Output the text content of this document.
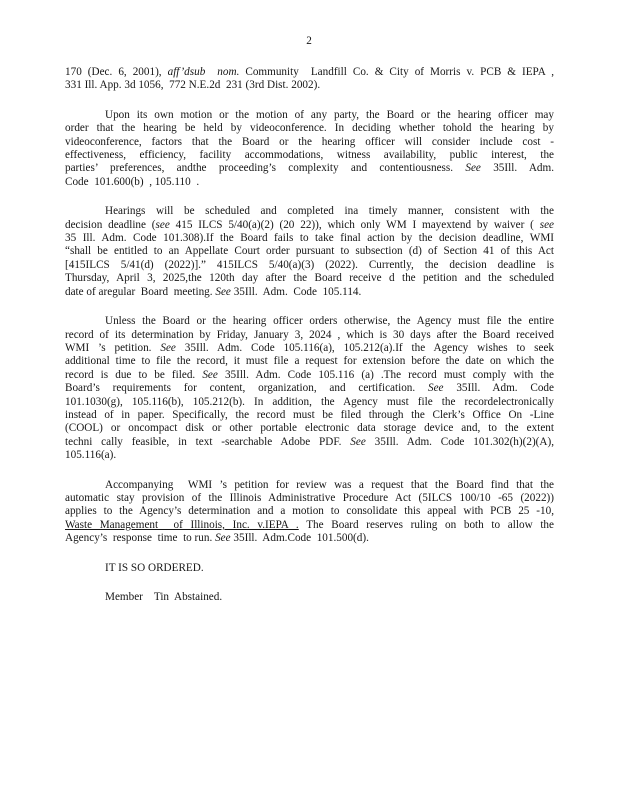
2
170 (Dec. 6, 2001), aff’dsub  nom. Community  Landfill Co. & City of Morris v. PCB & IEPA ,
331 Ill. App. 3d 1056,  772 N.E.2d  231 (3rd Dist. 2002).
Upon its own motion or the motion of any party, the Board or the hearing officer may
order that the hearing be held by videoconference. In deciding whether tohold the hearing by
videoconference, factors that the Board or the hearing officer will consider include cost -
effectiveness, efficiency, facility accommodations, witness availability, public interest, the
parties’ preferences, andthe proceeding’s complexity and contentiousness. See 35Ill. Adm.
Code  101.600(b)  , 105.110  .
Hearings will be scheduled and completed ina timely manner, consistent with the
decision deadline (see 415 ILCS 5/40(a)(2) (20 22)), which only WM I mayextend by waiver ( see
35 Ill. Adm. Code 101.308).If the Board fails to take final action by the decision deadline, WMI
“shall be entitled to an Appellate Court order pursuant to subsection (d) of Section 41 of this Act
[415ILCS 5/41(d) (2022)].” 415ILCS 5/40(a)(3) (2022). Currently, the decision deadline is
Thursday, April 3, 2025,the 120th day after the Board receive d the petition and the scheduled
date of aregular  Board  meeting. See 35Ill.  Adm.  Code  105.114.
Unless the Board or the hearing officer orders otherwise, the Agency must file the entire
record of its determination by Friday, January 3, 2024 , which is 30 days after the Board received
WMI ’s petition. See 35Ill. Adm. Code 105.116(a), 105.212(a).If the Agency wishes to seek
additional time to file the record, it must file a request for extension before the date on which the
record is due to be filed. See 35Ill. Adm. Code 105.116 (a) .The record must comply with the
Board’s requirements for content, organization, and certification. See 35Ill. Adm. Code
101.1030(g), 105.116(b), 105.212(b). In addition, the Agency must file the recordelectronically
instead of in paper. Specifically, the record must be filed through the Clerk’s Office On -Line
(COOL) or oncompact disk or other portable electronic data storage device and, to the extent
techni cally feasible, in text -searchable Adobe PDF. See 35Ill. Adm. Code 101.302(h)(2)(A),
105.116(a).
Accompanying  WMI ’s petition for review was a request that the Board find that the
automatic stay provision of the Illinois Administrative Procedure Act (5ILCS 100/10 -65 (2022))
applies to the Agency’s determination and a motion to consolidate this appeal with PCB 25 -10,
Waste Management  of Illinois, Inc. v.IEPA . The Board reserves ruling on both to allow the
Agency’s  response  time  to run. See 35Ill.  Adm.Code  101.500(d).
IT IS SO ORDERED.
Member    Tin  Abstained.
